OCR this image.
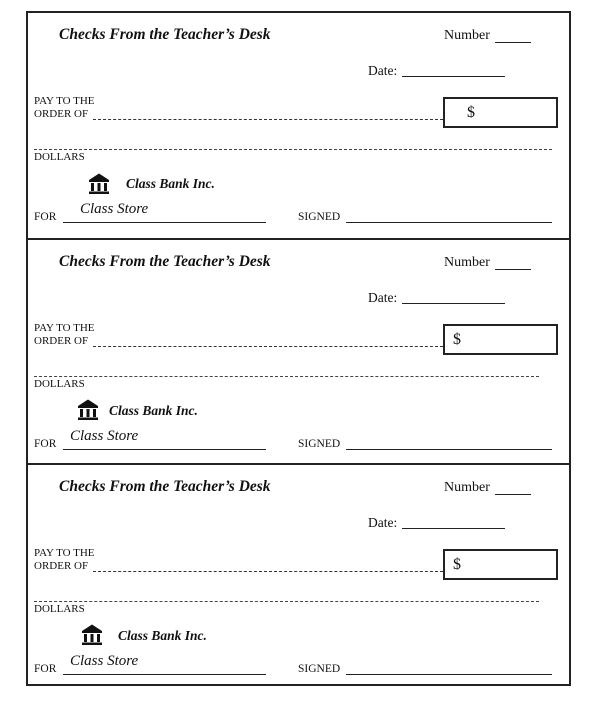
Checks From the Teacher’s Desk	Number
Date:
PAY TO THE
ORDER OF	$
DOLLARS
Class Bank Inc.
FOR Class Store	SIGNED
Checks From the Teacher’s Desk	Number
Date:
PAY TO THE
ORDER OF	$
DOLLARS
Class Bank Inc.
FOR Class Store	SIGNED
Checks From the Teacher’s Desk	Number
Date:
PAY TO THE
ORDER OF	$
DOLLARS
Class Bank Inc.
FOR Class Store	SIGNED
